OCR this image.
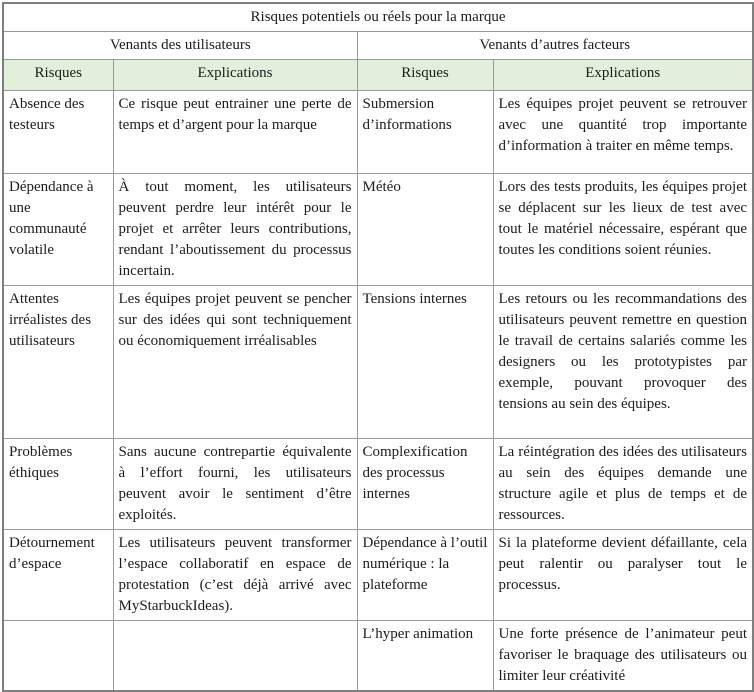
Risques potentiels ou réels pour la marque			
Venants des utilisateurs		Venants d’autres facteurs	
Risques	Explications	Risques	Explications
Absence des testeurs	Ce risque peut entrainer une perte de temps et d’argent pour la marque	Submersion d’informations	Les équipes projet peuvent se retrouver avec une quantité trop importante d’information à traiter en même temps.
Dépendance à une communauté volatile	À tout moment, les utilisateurs peuvent perdre leur intérêt pour le projet et arrêter leurs contributions, rendant l’aboutissement du processus incertain.	Météo	Lors des tests produits, les équipes projet se déplacent sur les lieux de test avec tout le matériel nécessaire, espérant que toutes les conditions soient réunies.
Attentes irréalistes des utilisateurs	Les équipes projet peuvent se pencher sur des idées qui sont techniquement ou économiquement irréalisables	Tensions internes	Les retours ou les recommandations des utilisateurs peuvent remettre en question le travail de certains salariés comme les designers ou les prototypistes par exemple, pouvant provoquer des tensions au sein des équipes.
Problèmes éthiques	Sans aucune contrepartie équivalente à l’effort fourni, les utilisateurs peuvent avoir le sentiment d’être exploités.	Complexification des processus internes	La réintégration des idées des utilisateurs au sein des équipes demande une structure agile et plus de temps et de ressources.
Détournement d’espace	Les utilisateurs peuvent transformer l’espace collaboratif en espace de protestation (c’est déjà arrivé avec MyStarbuckIdeas).	Dépendance à l’outil numérique : la plateforme	Si la plateforme devient défaillante, cela peut ralentir ou paralyser tout le processus.
		L’hyper animation	Une forte présence de l’animateur peut favoriser le braquage des utilisateurs ou limiter leur créativité
